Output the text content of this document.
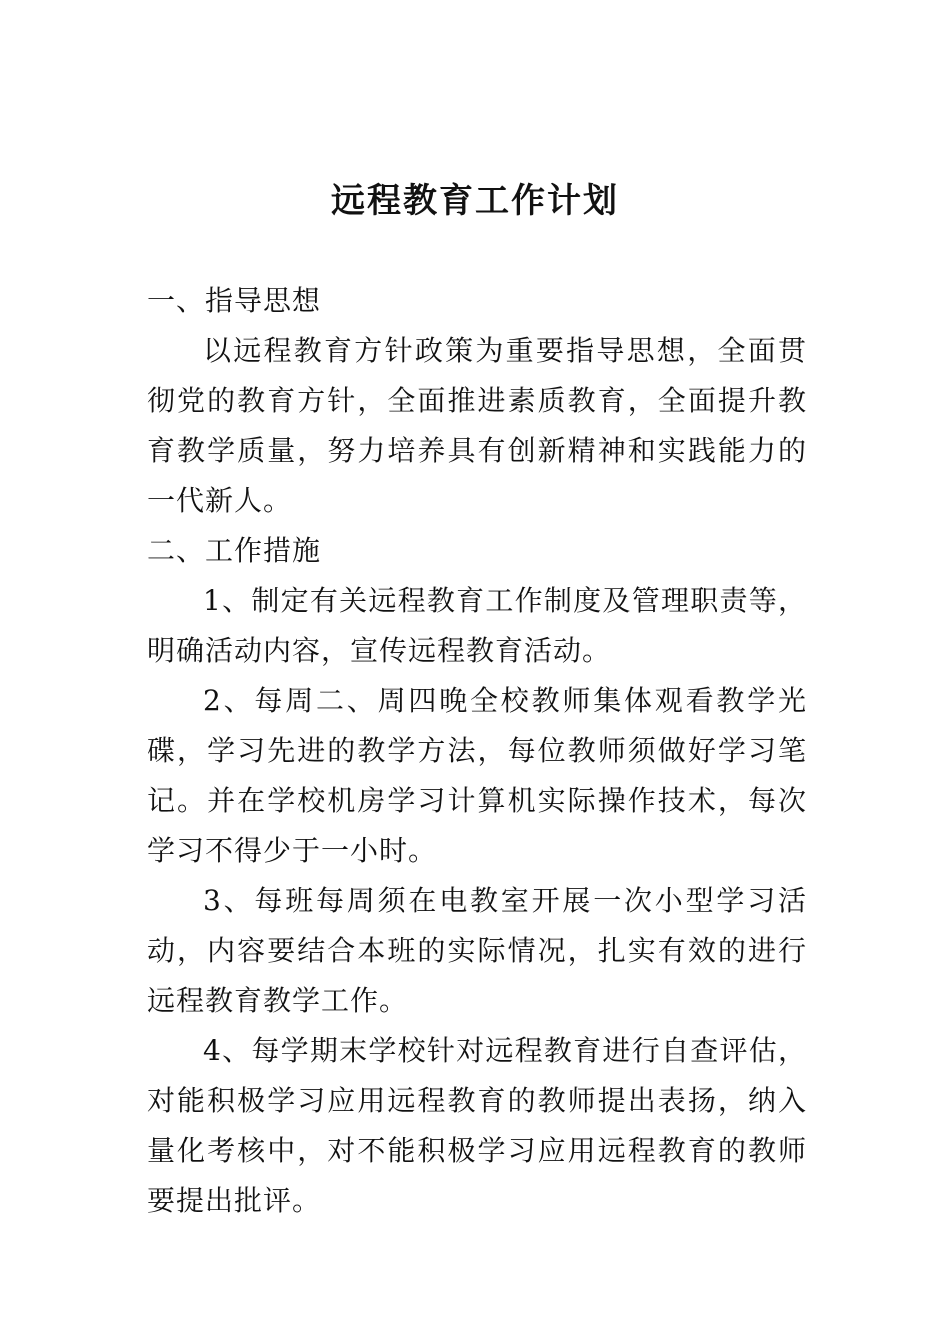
远程教育工作计划

一、指导思想

以远程教育方针政策为重要指导思想，全面贯彻党的教育方针，全面推进素质教育，全面提升教育教学质量，努力培养具有创新精神和实践能力的一代新人。

二、工作措施

1、制定有关远程教育工作制度及管理职责等，明确活动内容，宣传远程教育活动。

2、每周二、周四晚全校教师集体观看教学光碟，学习先进的教学方法，每位教师须做好学习笔记。并在学校机房学习计算机实际操作技术，每次学习不得少于一小时。

3、每班每周须在电教室开展一次小型学习活动，内容要结合本班的实际情况，扎实有效的进行远程教育教学工作。

4、每学期末学校针对远程教育进行自查评估，对能积极学习应用远程教育的教师提出表扬，纳入量化考核中，对不能积极学习应用远程教育的教师要提出批评。
